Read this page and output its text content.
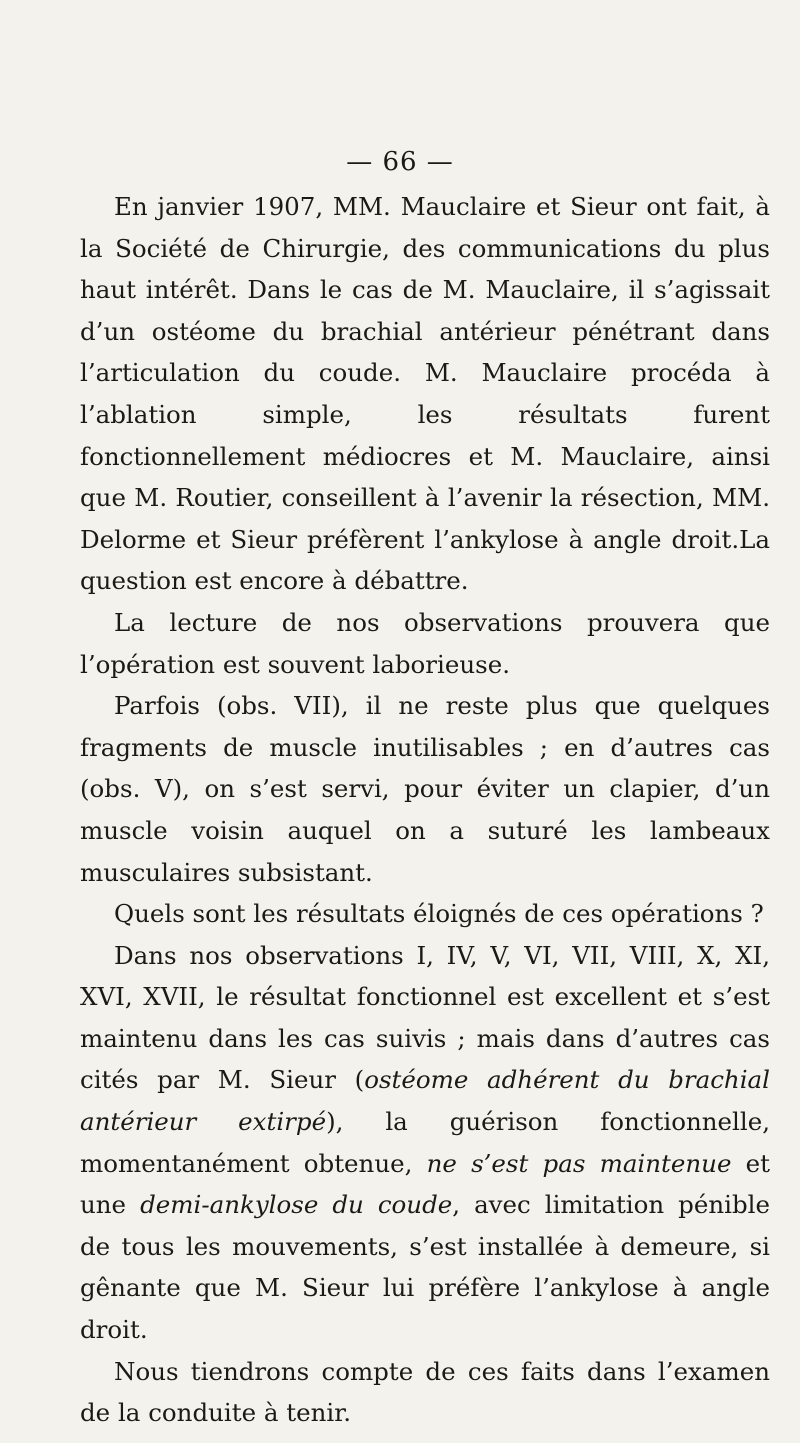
— 66 —

En janvier 1907, MM. Mauclaire et Sieur ont fait, à la Société de Chirurgie, des communications du plus haut intérêt. Dans le cas de M. Mauclaire, il s’agissait d’un ostéome du brachial antérieur pénétrant dans l’articulation du coude. M. Mauclaire procéda à l’ablation simple, les résultats furent fonctionnellement médiocres et M. Mauclaire, ainsi que M. Routier, conseillent à l’avenir la résection, MM. Delorme et Sieur préfèrent l’ankylose à angle droit.La question est encore à débattre.

La lecture de nos observations prouvera que l’opération est souvent laborieuse.

Parfois (obs. VII), il ne reste plus que quelques fragments de muscle inutilisables ; en d’autres cas (obs. V), on s’est servi, pour éviter un clapier, d’un muscle voisin auquel on a suturé les lambeaux musculaires subsistant.

Quels sont les résultats éloignés de ces opérations ?

Dans nos observations I, IV, V, VI, VII, VIII, X, XI, XVI, XVII, le résultat fonctionnel est excellent et s’est maintenu dans les cas suivis ; mais dans d’autres cas cités par M. Sieur (ostéome adhérent du brachial antérieur extirpé), la guérison fonctionnelle, momentanément obtenue, ne s’est pas maintenue et une demi-ankylose du coude, avec limitation pénible de tous les mouvements, s’est installée à demeure, si gênante que M. Sieur lui préfère l’ankylose à angle droit.

Nous tiendrons compte de ces faits dans l’examen de la conduite à tenir.
